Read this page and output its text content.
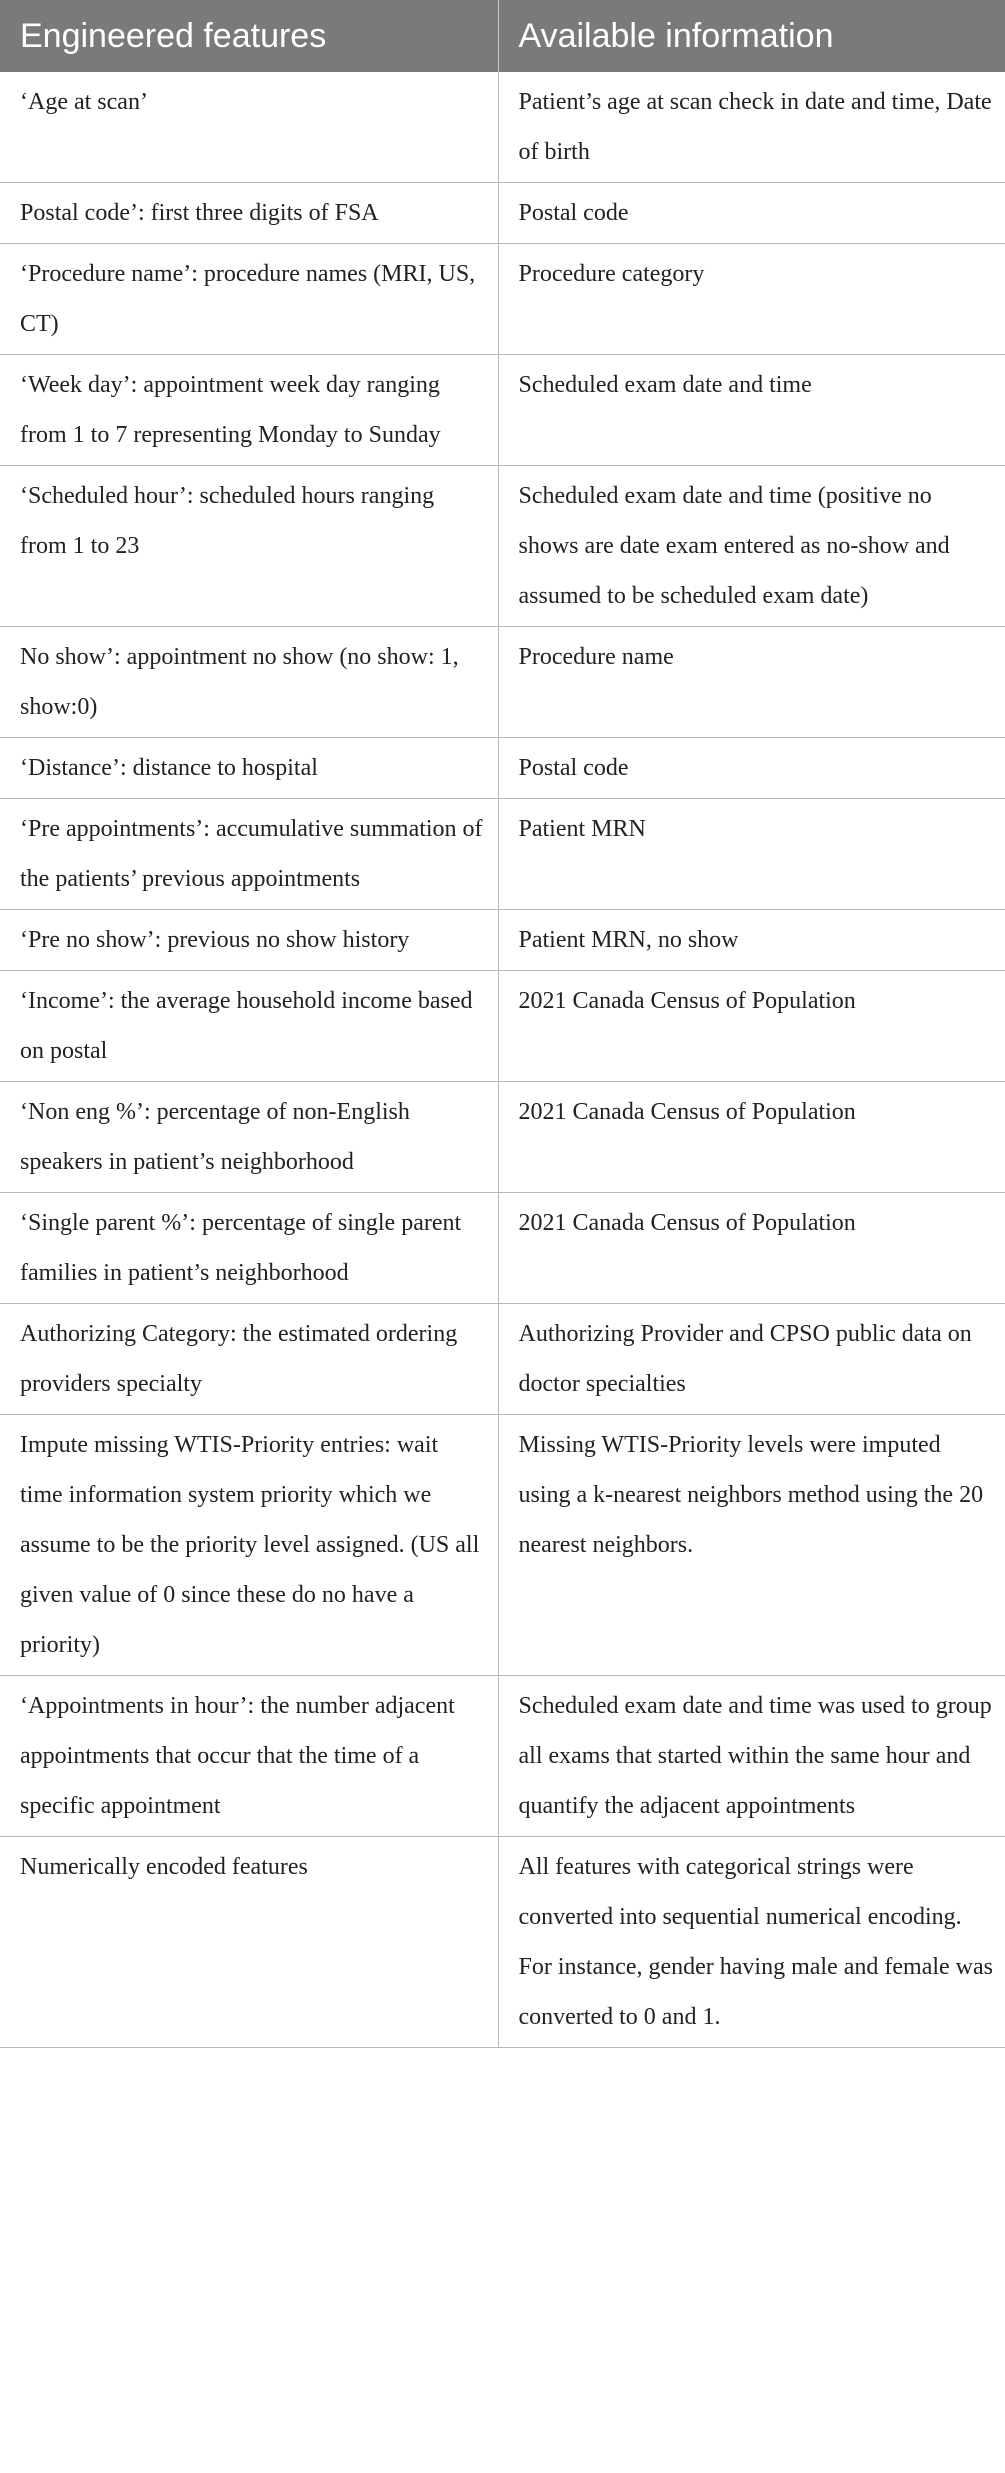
Engineered features	Available information
‘Age at scan’	Patient’s age at scan check in date and time, Date of birth
Postal code’: first three digits of FSA	Postal code
‘Procedure name’: procedure names (MRI, US, CT)	Procedure category
‘Week day’: appointment week day ranging from 1 to 7 representing Monday to Sunday	Scheduled exam date and time
‘Scheduled hour’: scheduled hours ranging from 1 to 23	Scheduled exam date and time (positive no shows are date exam entered as no-show and assumed to be scheduled exam date)
No show’: appointment no show (no show: 1, show:0)	Procedure name
‘Distance’: distance to hospital	Postal code
‘Pre appointments’: accumulative summation of the patients’ previous appointments	Patient MRN
‘Pre no show’: previous no show history	Patient MRN, no show
‘Income’: the average household income based on postal	2021 Canada Census of Population
‘Non eng %’: percentage of non-English speakers in patient’s neighborhood	2021 Canada Census of Population
‘Single parent %’: percentage of single parent families in patient’s neighborhood	2021 Canada Census of Population
Authorizing Category: the estimated ordering providers specialty	Authorizing Provider and CPSO public data on doctor specialties
Impute missing WTIS-Priority entries: wait time information system priority which we assume to be the priority level assigned. (US all given value of 0 since these do no have a priority)	Missing WTIS-Priority levels were imputed using a k-nearest neighbors method using the 20 nearest neighbors.
‘Appointments in hour’: the number adjacent appointments that occur that the time of a specific appointment	Scheduled exam date and time was used to group all exams that started within the same hour and quantify the adjacent appointments
Numerically encoded features	All features with categorical strings were converted into sequential numerical encoding. For instance, gender having male and female was converted to 0 and 1.
